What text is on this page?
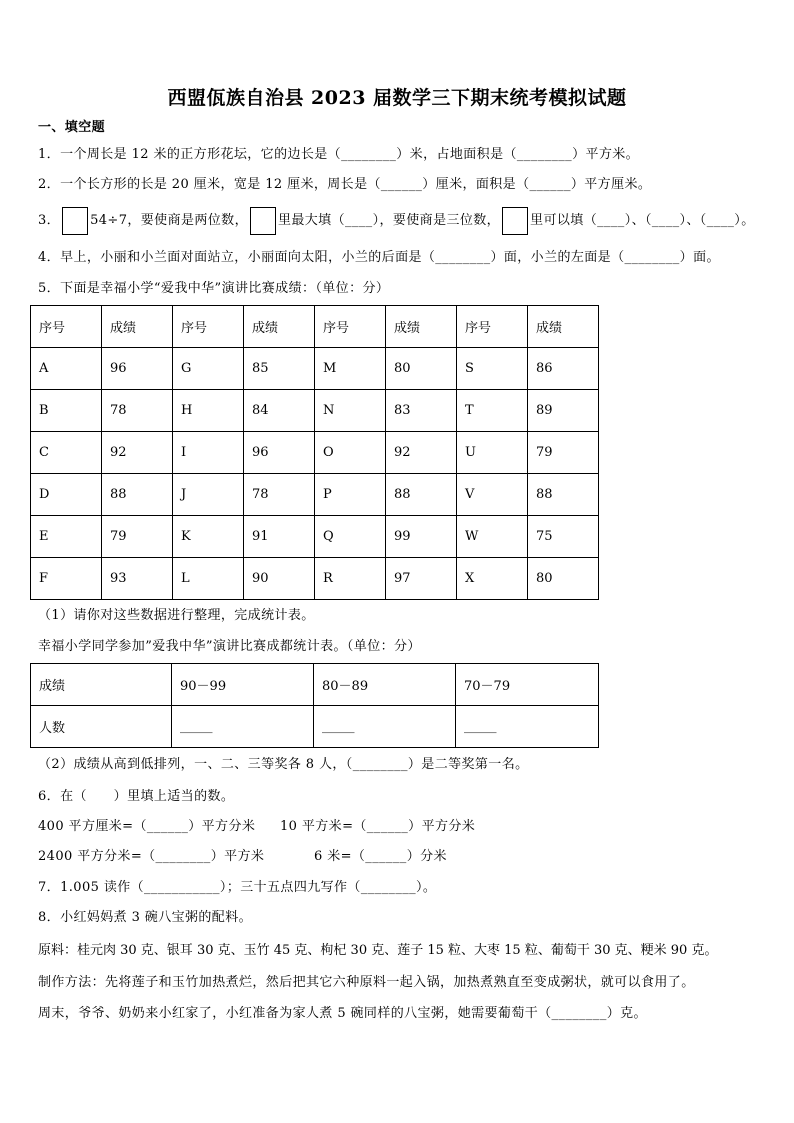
西盟佤族自治县 2023 届数学三下期末统考模拟试题
一、填空题
1．一个周长是 12 米的正方形花坛，它的边长是（________）米，占地面积是（________）平方米。
2．一个长方形的长是 20 厘米，宽是 12 厘米，周长是（______）厘米，面积是（______）平方厘米。
3． 54÷7，要使商是两位数， 里最大填（____），要使商是三位数， 里可以填（____）、（____）、（____）。
4．早上，小丽和小兰面对面站立，小丽面向太阳，小兰的后面是（________）面，小兰的左面是（________）面。
5．下面是幸福小学“爱我中华”演讲比赛成绩：（单位：分）
序号	成绩	序号	成绩	序号	成绩	序号	成绩
A	96	G	85	M	80	S	86
B	78	H	84	N	83	T	89
C	92	I	96	O	92	U	79
D	88	J	78	P	88	V	88
E	79	K	91	Q	99	W	75
F	93	L	90	R	97	X	80
（1）请你对这些数据进行整理，完成统计表。
幸福小学同学参加”爱我中华”演讲比赛成都统计表。（单位：分）
成绩	90－99	80－89	70－79
人数	_____	_____	_____
（2）成绩从高到低排列，一、二、三等奖各 8 人，（________）是二等奖第一名。
6．在（　　）里填上适当的数。
400 平方厘米=（______）平方分米 10 平方米=（______）平方分米
2400 平方分米=（________）平方米	6 米=（______）分米
7．1.005 读作（___________）；三十五点四九写作（________）。
8．小红妈妈煮 3 碗八宝粥的配料。
原料：桂元肉 30 克、银耳 30 克、玉竹 45 克、枸杞 30 克、莲子 15 粒、大枣 15 粒、葡萄干 30 克、粳米 90 克。
制作方法：先将莲子和玉竹加热煮烂，然后把其它六种原料一起入锅，加热煮熟直至变成粥状，就可以食用了。
周末，爷爷、奶奶来小红家了，小红准备为家人煮 5 碗同样的八宝粥，她需要葡萄干（________）克。
